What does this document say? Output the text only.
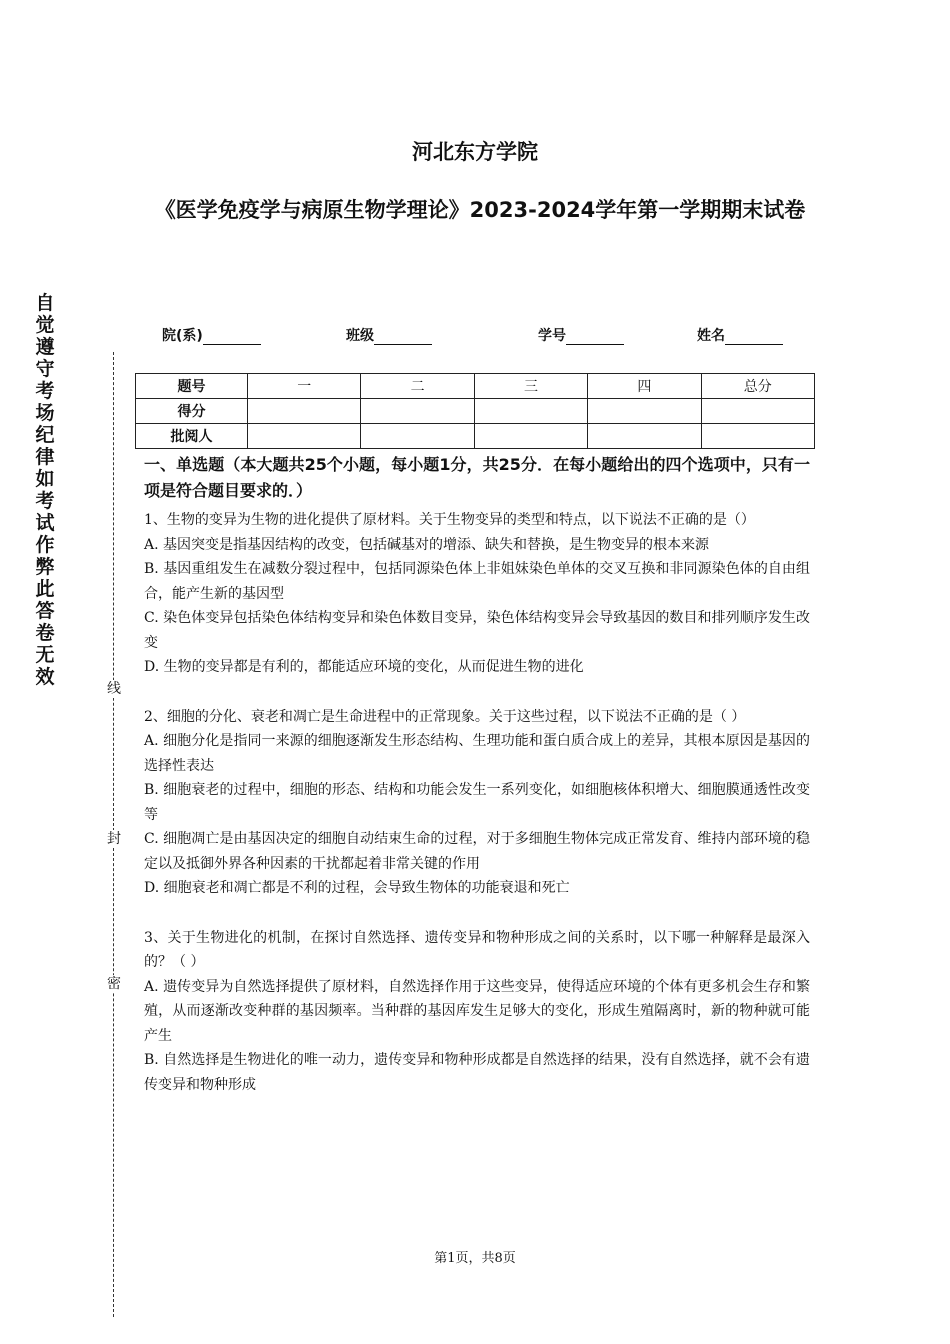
河北东方学院
《医学免疫学与病原生物学理论》2023-2024学年第一学期期末试卷
自觉遵守考场纪律如考试作弊此答卷无效
线
封
密
院(系)	班级	学号	姓名
题号	一	二	三	四	总分
得分					
批阅人					
一、单选题（本大题共25个小题，每小题1分，共25分．在每小题给出的四个选项中，只有一项是符合题目要求的．）

1、生物的变异为生物的进化提供了原材料。关于生物变异的类型和特点，以下说法不正确的是（）

A. 基因突变是指基因结构的改变，包括碱基对的增添、缺失和替换，是生物变异的根本来源

B. 基因重组发生在减数分裂过程中，包括同源染色体上非姐妹染色单体的交叉互换和非同源染色体的自由组合，能产生新的基因型

C. 染色体变异包括染色体结构变异和染色体数目变异，染色体结构变异会导致基因的数目和排列顺序发生改变

D. 生物的变异都是有利的，都能适应环境的变化，从而促进生物的进化

2、细胞的分化、衰老和凋亡是生命进程中的正常现象。关于这些过程，以下说法不正确的是（ ）

A. 细胞分化是指同一来源的细胞逐渐发生形态结构、生理功能和蛋白质合成上的差异，其根本原因是基因的选择性表达

B. 细胞衰老的过程中，细胞的形态、结构和功能会发生一系列变化，如细胞核体积增大、细胞膜通透性改变等

C. 细胞凋亡是由基因决定的细胞自动结束生命的过程，对于多细胞生物体完成正常发育、维持内部环境的稳定以及抵御外界各种因素的干扰都起着非常关键的作用

D. 细胞衰老和凋亡都是不利的过程，会导致生物体的功能衰退和死亡

3、关于生物进化的机制，在探讨自然选择、遗传变异和物种形成之间的关系时，以下哪一种解释是最深入的？（ ）

A. 遗传变异为自然选择提供了原材料，自然选择作用于这些变异，使得适应环境的个体有更多机会生存和繁殖，从而逐渐改变种群的基因频率。当种群的基因库发生足够大的变化，形成生殖隔离时，新的物种就可能产生

B. 自然选择是生物进化的唯一动力，遗传变异和物种形成都是自然选择的结果，没有自然选择，就不会有遗传变异和物种形成

第1页，共8页
